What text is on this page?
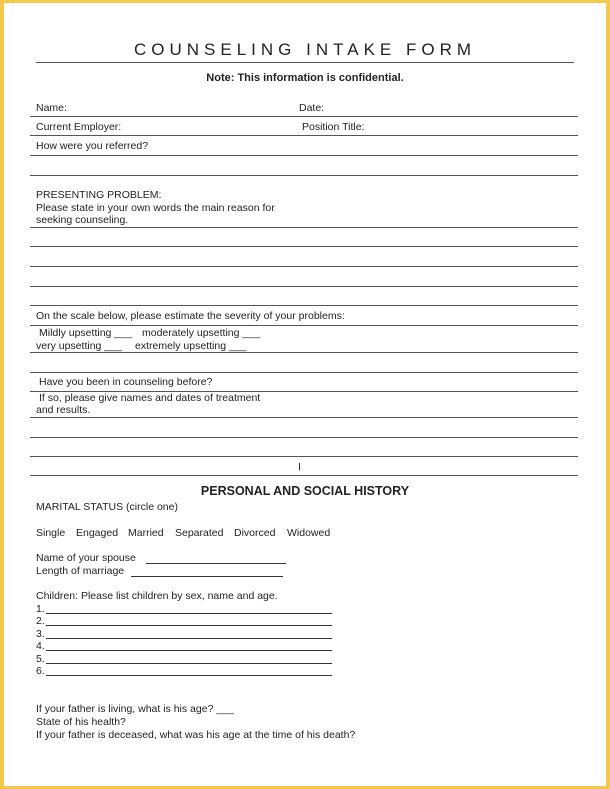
COUNSELING INTAKE FORM
Note: This information is confidential.
Name:	Date:
Current Employer:	Position Title:
How were you referred?
PRESENTING PROBLEM:
Please state in your own words the main reason for
seeking counseling.
On the scale below, please estimate the severity of your problems:
Mildly upsetting ___ moderately upsetting ___
very upsetting ___ extremely upsetting ___
Have you been in counseling before?
If so, please give names and dates of treatment
and results.
I
PERSONAL AND SOCIAL HISTORY
MARITAL STATUS (circle one)
Single Engaged Married Separated Divorced Widowed
Name of your spouse
Length of marriage
Children: Please list children by sex, name and age.
1.
2.
3.
4.
5.
6.
If your father is living, what is his age? ___
State of his health?
If your father is deceased, what was his age at the time of his death?
